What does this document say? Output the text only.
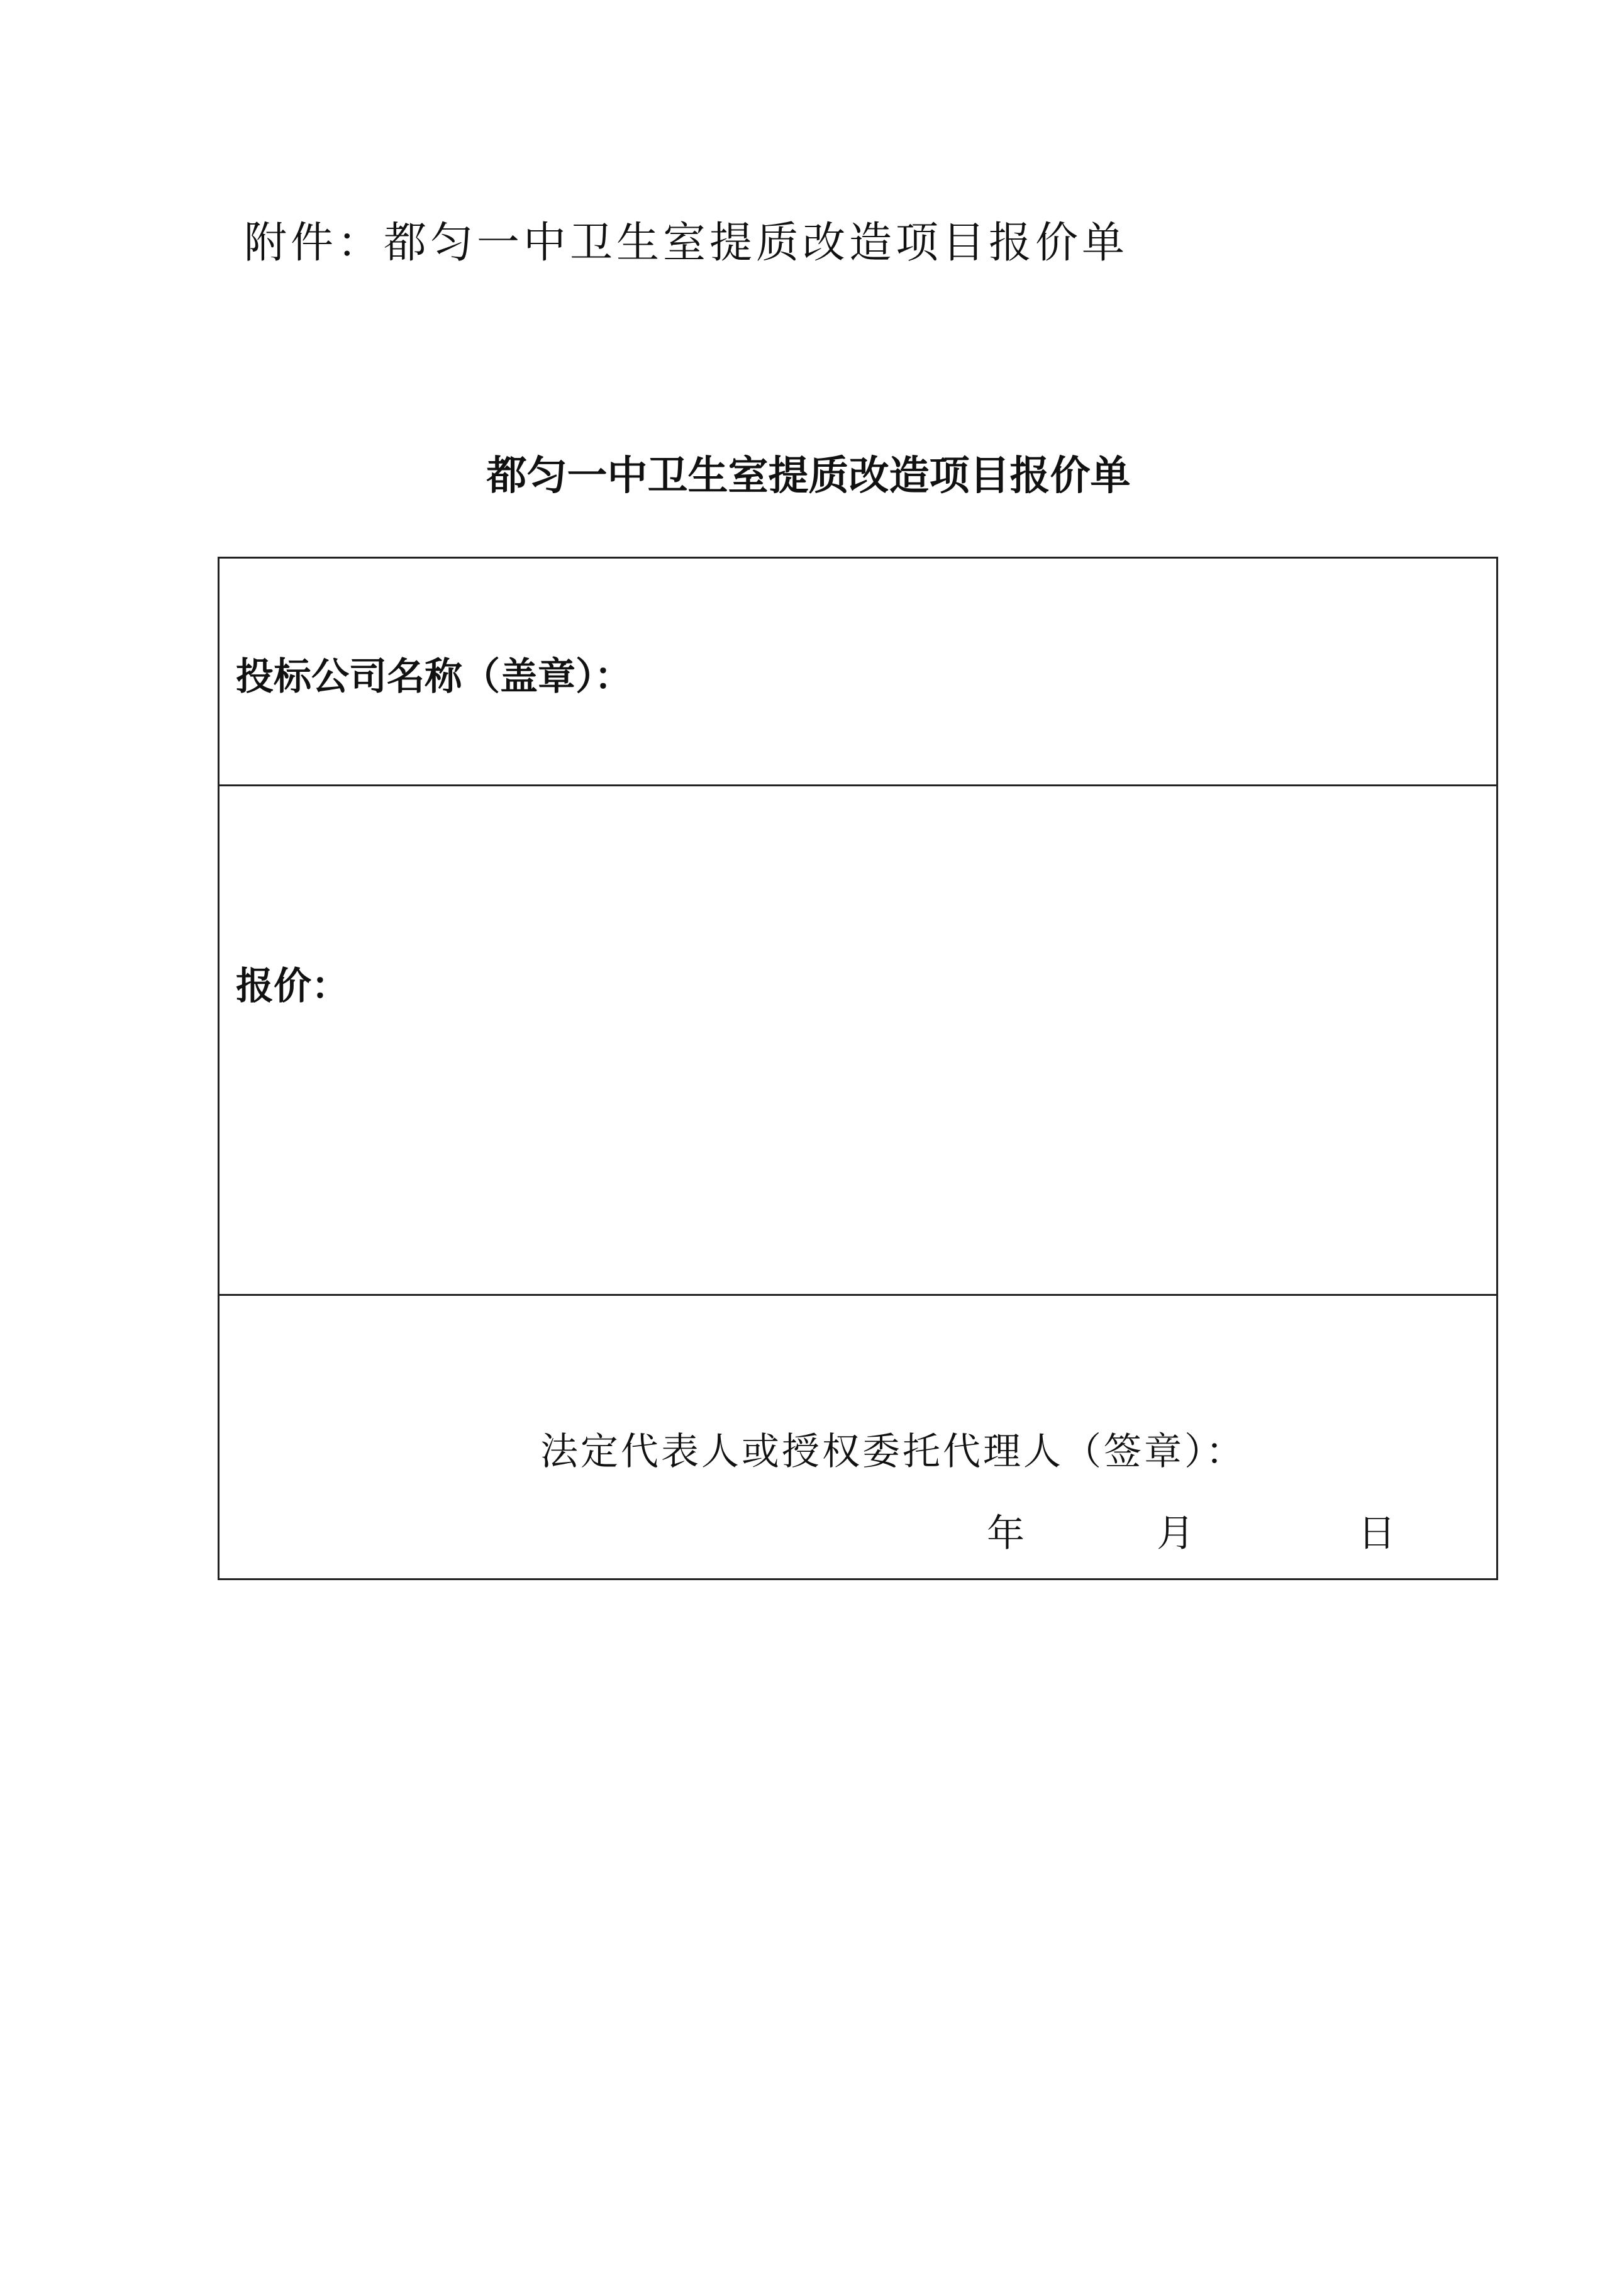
附件：都匀一中卫生室提质改造项目报价单
都匀一中卫生室提质改造项目报价单
投标公司名称（盖章）：
报价：
法定代表人或授权委托代理人（签章）：
年	月	日
